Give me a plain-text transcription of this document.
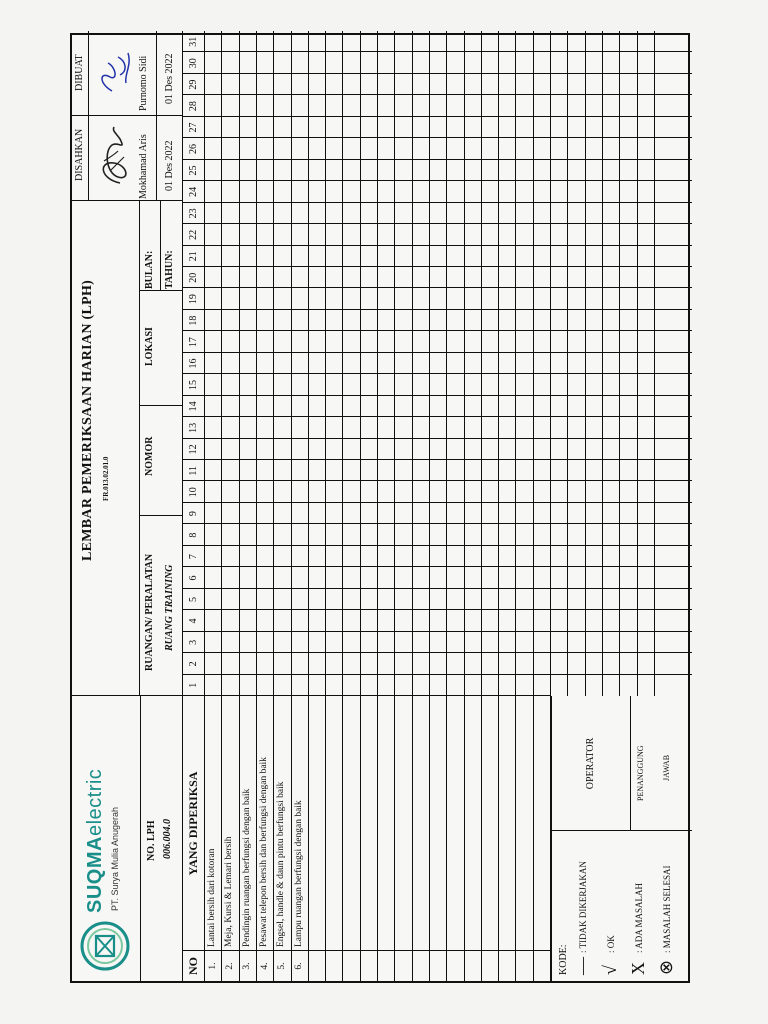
SUQMAelectric
PT. Surya Mulia Anugerah	NO. LPH 006.004.0
LEMBAR PEMERIKSAAN HARIAN (LPH) FR.013.02.01.0
RUANGAN/ PERALATAN RUANG TRAINING
NOMOR
LOKASI
BULAN: TAHUN:
DISAHKAN
DIBUAT
Mokhamad Aris
Purnomo Sidi
01 Des 2022
01 Des 2022
1
2
3
4
5
6
7
8
9
10
11
12
13
14
15
16
17
18
19
20
21
22
23
24
25
26
27
28
29
30
31
1.
Lantai bersih dari kotoran
2.
Meja, Kursi & Lemari bersih
3.
Pendingin ruangan berfungsi dengan baik
4.
Pesawat telepon bersih dan berfungsi dengan baik
5.
Engsel, handle & daun pintu berfungsi baik
6.
Lampu ruangan berfungsi dengan baik
NO
YANG DIPERIKSA
KODE: —
: TIDAK DIKERJAKAN
√
: OK
X
: ADA MASALAH
⊗
: MASALAH SELESAI
OPERATOR	PENANGGUNG JAWAB
